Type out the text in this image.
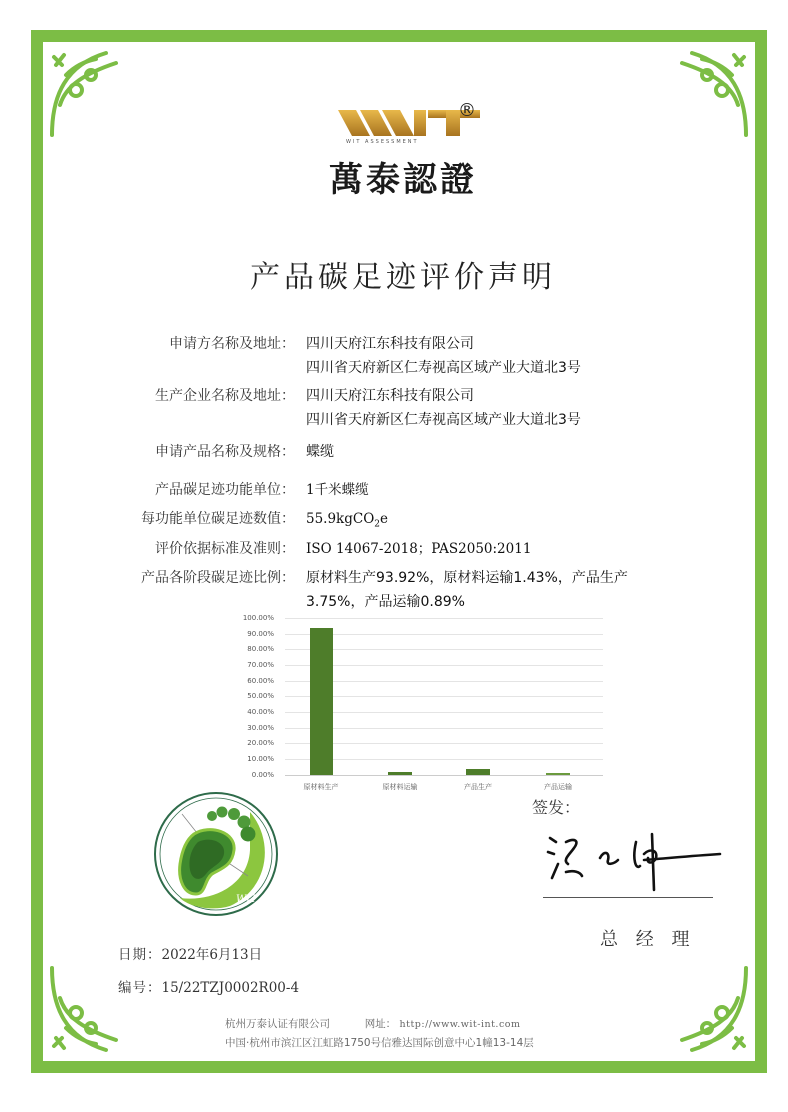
®
WIT ASSESSMENT
萬泰認證
产品碳足迹评价声明
申请方名称及地址： 四川天府江东科技有限公司
四川省天府新区仁寿视高区域产业大道北3号
生产企业名称及地址： 四川天府江东科技有限公司
四川省天府新区仁寿视高区域产业大道北3号
申请产品名称及规格： 蝶缆
产品碳足迹功能单位： 1千米蝶缆
每功能单位碳足迹数值： 55.9kgCO$_2$e
评价依据标准及准则： ISO 14067-2018；PAS2050:2011
产品各阶段碳足迹比例： 原材料生产93.92%，原材料运输1.43%，产品生产
3.75%，产品运输0.89%
100.00%
90.00%
80.00%
70.00%
60.00%
50.00%
40.00%
30.00%
20.00%
10.00%
0.00%
原材料生产	原材料运输	产品生产	产品运输
WIT
签发：
总 经 理
日期：2022年6月13日
编号：15/22TZJ0002R00-4
杭州万泰认证有限公司	网址： http://www.wit-int.com
中国·杭州市滨江区江虹路1750号信雅达国际创意中心1幢13-14层
